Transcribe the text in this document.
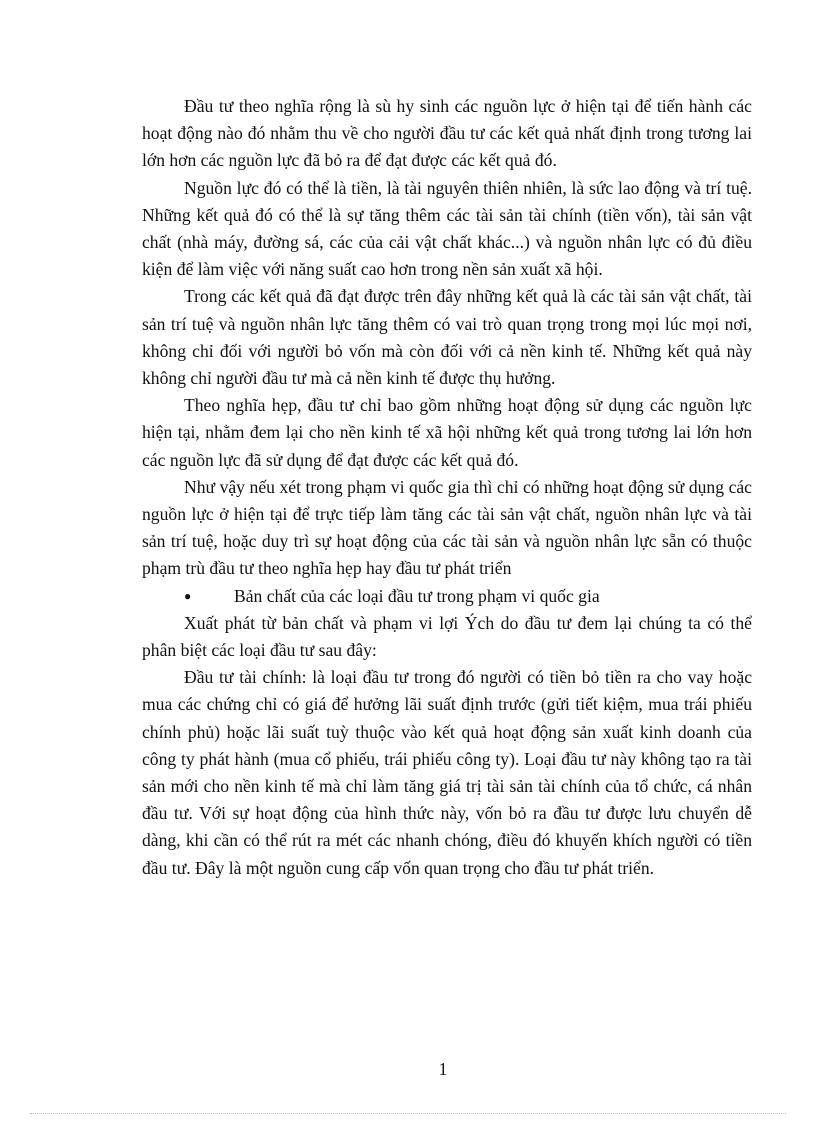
Đầu tư theo nghĩa rộng là sù hy sinh các nguồn lực ở hiện tại để tiến hành các hoạt động nào đó nhằm thu về cho người đầu tư các kết quả nhất định trong tương lai lớn hơn các nguồn lực đã bỏ ra để đạt được các kết quả đó.

Nguồn lực đó có thể là tiền, là tài nguyên thiên nhiên, là sức lao động và trí tuệ. Những kết quả đó có thể là sự tăng thêm các tài sản tài chính (tiền vốn), tài sản vật chất (nhà máy, đường sá, các của cải vật chất khác...) và nguồn nhân lực có đủ điều kiện để làm việc với năng suất cao hơn trong nền sản xuất xã hội.

Trong các kết quả đã đạt được trên đây những kết quả là các tài sản vật chất, tài sản trí tuệ và nguồn nhân lực tăng thêm có vai trò quan trọng trong mọi lúc mọi nơi, không chỉ đối với người bỏ vốn mà còn đối với cả nền kinh tế. Những kết quả này không chỉ người đầu tư mà cả nền kinh tế được thụ hưởng.

Theo nghĩa hẹp, đầu tư chỉ bao gồm những hoạt động sử dụng các nguồn lực hiện tại, nhằm đem lại cho nền kinh tế xã hội những kết quả trong tương lai lớn hơn các nguồn lực đã sử dụng để đạt được các kết quả đó.

Như vậy nếu xét trong phạm vi quốc gia thì chỉ có những hoạt động sử dụng các nguồn lực ở hiện tại để trực tiếp làm tăng các tài sản vật chất, nguồn nhân lực và tài sản trí tuệ, hoặc duy trì sự hoạt động của các tài sản và nguồn nhân lực sẵn có thuộc phạm trù đầu tư theo nghĩa hẹp hay đầu tư phát triển

● Bản chất của các loại đầu tư trong phạm vi quốc gia

Xuất phát từ bản chất và phạm vi lợi Ých do đầu tư đem lại chúng ta có thể phân biệt các loại đầu tư sau đây:

Đầu tư tài chính: là loại đầu tư trong đó người có tiền bỏ tiền ra cho vay hoặc mua các chứng chỉ có giá để hưởng lãi suất định trước (gửi tiết kiệm, mua trái phiếu chính phủ) hoặc lãi suất tuỳ thuộc vào kết quả hoạt động sản xuất kinh doanh của công ty phát hành (mua cổ phiếu, trái phiếu công ty). Loại đầu tư này không tạo ra tài sản mới cho nền kinh tế mà chỉ làm tăng giá trị tài sản tài chính của tổ chức, cá nhân đầu tư. Với sự hoạt động của hình thức này, vốn bỏ ra đầu tư được lưu chuyển dễ dàng, khi cần có thể rút ra mét các nhanh chóng, điều đó khuyến khích người có tiền đầu tư. Đây là một nguồn cung cấp vốn quan trọng cho đầu tư phát triển.

1
